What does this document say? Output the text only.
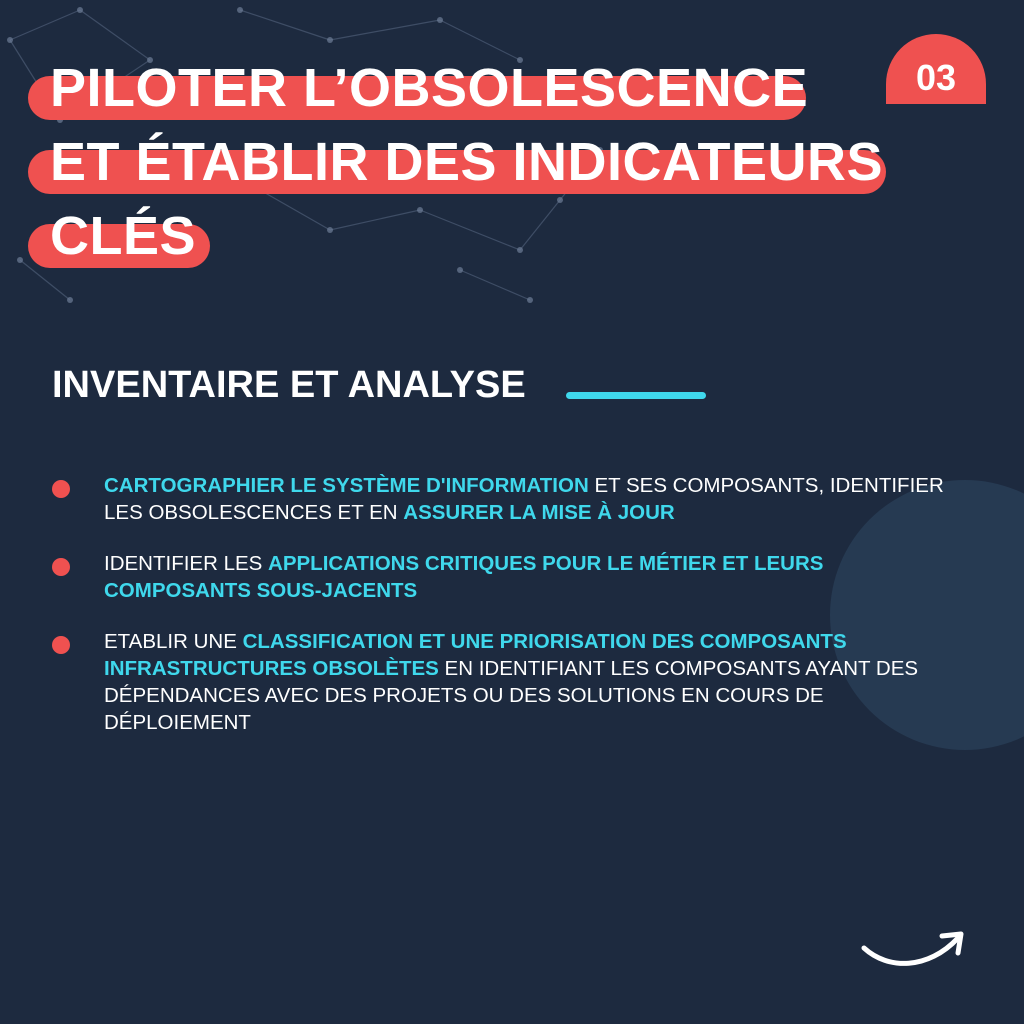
PILOTER L’OBSOLESCENCE
ET ÉTABLIR DES INDICATEURS
CLÉS
03
INVENTAIRE ET ANALYSE
CARTOGRAPHIER LE SYSTÈME D'INFORMATION ET SES COMPOSANTS, IDENTIFIER LES OBSOLESCENCES ET EN ASSURER LA MISE À JOUR
IDENTIFIER LES APPLICATIONS CRITIQUES POUR LE MÉTIER ET LEURS COMPOSANTS SOUS-JACENTS
ETABLIR UNE CLASSIFICATION ET UNE PRIORISATION DES COMPOSANTS INFRASTRUCTURES OBSOLÈTES EN IDENTIFIANT LES COMPOSANTS AYANT DES DÉPENDANCES AVEC DES PROJETS OU DES SOLUTIONS EN COURS DE DÉPLOIEMENT
